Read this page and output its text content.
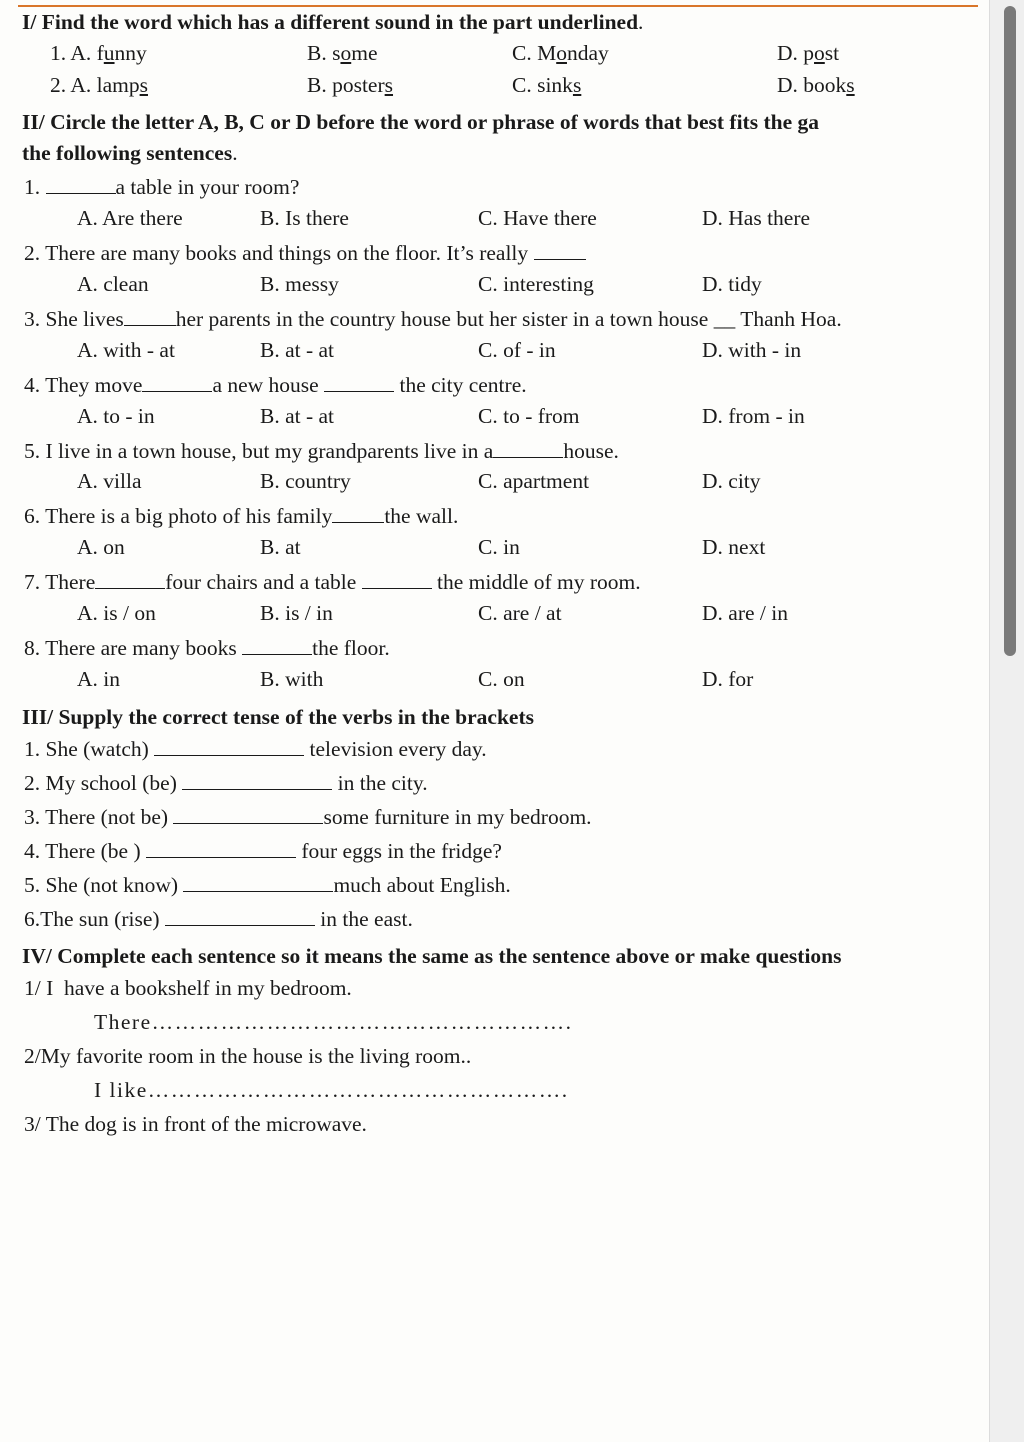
I/ Find the word which has a different sound in the part underlined.
1. A. funny	B. some	C. Monday	D. post
2. A. lamps	B. posters	C. sinks	D. books
II/ Circle the letter A, B, C or D before the word or phrase of words that best fits the ga
the following sentences.
1.	a table in your room?
A. Are there	B. Is there	C. Have there	D. Has there
2. There are many books and things on the floor. It’s really
A. clean	B. messy	C. interesting	D. tidy
3. She lives her parents in the country house but her sister in a town house __ Thanh Hoa.
A. with - at	B. at - at	C. of - in	D. with - in
4. They move	a new house	the city centre.
A. to - in	B. at - at	C. to - from	D. from - in
5. I live in a town house, but my grandparents live in a	house.
A. villa	B. country	C. apartment	D. city
6. There is a big photo of his family the wall.
A. on	B. at	C. in	D. next
7. There	four chairs and a table	the middle of my room.
A. is / on	B. is / in	C. are / at	D. are / in
8. There are many books	the floor.
A. in	B. with	C. on	D. for
III/ Supply the correct tense of the verbs in the brackets
1. She (watch)	television every day.
2. My school (be)	in the city.
3. There (not be)	some furniture in my bedroom.
4. There (be )	four eggs in the fridge?
5. She (not know)	much about English.
6.The sun (rise)	in the east.
IV/ Complete each sentence so it means the same as the sentence above or make questions
1/ I  have a bookshelf in my bedroom.
There……………………………………………….
2/My favorite room in the house is the living room..
I like……………………………………………….
3/ The dog is in front of the microwave.
